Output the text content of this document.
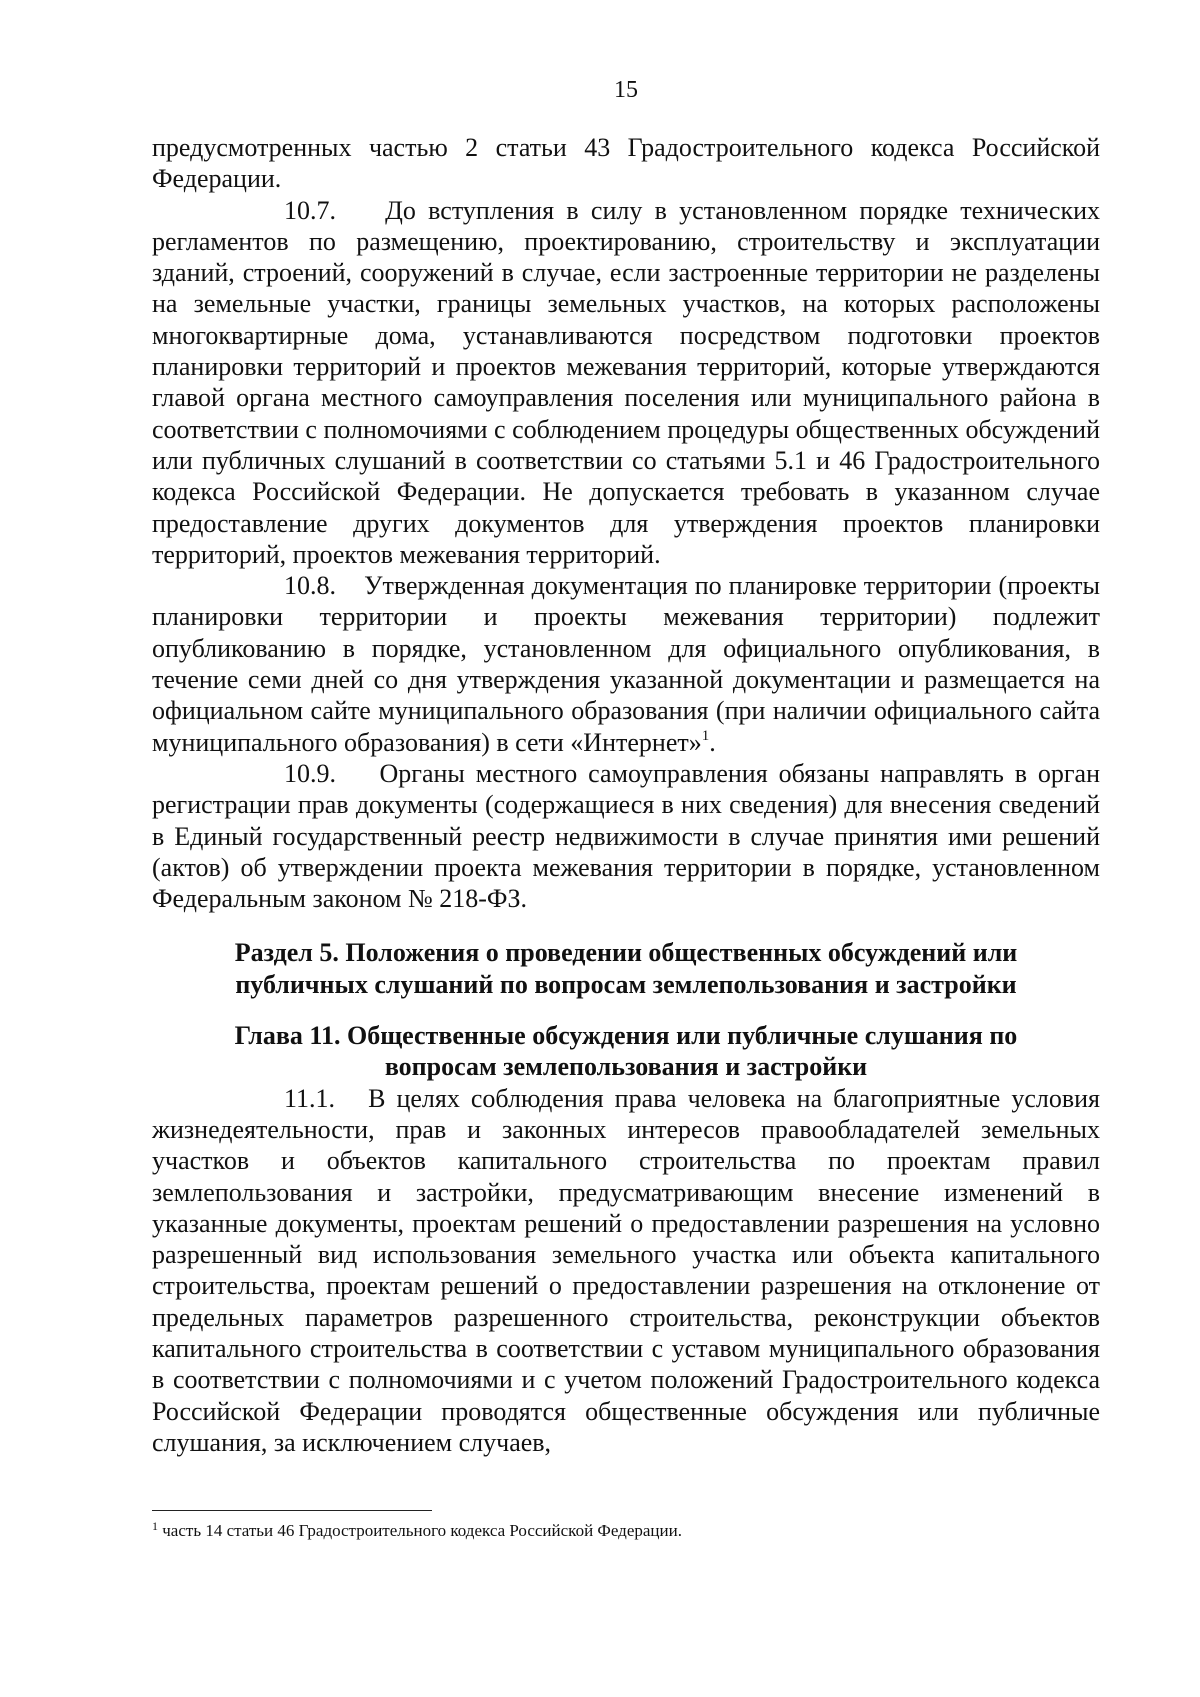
15

предусмотренных частью 2 статьи 43 Градостроительного кодекса Российской Федерации.

10.7. До вступления в силу в установленном порядке технических регламентов по размещению, проектированию, строительству и эксплуатации зданий, строений, сооружений в случае, если застроенные территории не разделены на земельные участки, границы земельных участков, на которых расположены многоквартирные дома, устанавливаются посредством подготовки проектов планировки территорий и проектов межевания территорий, которые утверждаются главой органа местного самоуправления поселения или муниципального района в соответствии с полномочиями с соблюдением процедуры общественных обсуждений или публичных слушаний в соответствии со статьями 5.1 и 46 Градостроительного кодекса Российской Федерации. Не допускается требовать в указанном случае предоставление других документов для утверждения проектов планировки территорий, проектов межевания территорий.

10.8. Утвержденная документация по планировке территории (проекты планировки территории и проекты межевания территории) подлежит опубликованию в порядке, установленном для официального опубликования, в течение семи дней со дня утверждения указанной документации и размещается на официальном сайте муниципального образования (при наличии официального сайта муниципального образования) в сети «Интернет»$^1$.

10.9. Органы местного самоуправления обязаны направлять в орган регистрации прав документы (содержащиеся в них сведения) для внесения сведений в Единый государственный реестр недвижимости в случае принятия ими решений (актов) об утверждении проекта межевания территории в порядке, установленном Федеральным законом № 218-ФЗ.

Раздел 5. Положения о проведении общественных обсуждений или
публичных слушаний по вопросам землепользования и застройки
Глава 11. Общественные обсуждения или публичные слушания по
вопросам землепользования и застройки

11.1. В целях соблюдения права человека на благоприятные условия жизнедеятельности, прав и законных интересов правообладателей земельных участков и объектов капитального строительства по проектам правил землепользования и застройки, предусматривающим внесение изменений в указанные документы, проектам решений о предоставлении разрешения на условно разрешенный вид использования земельного участка или объекта капитального строительства, проектам решений о предоставлении разрешения на отклонение от предельных параметров разрешенного строительства, реконструкции объектов капитального строительства в соответствии с уставом муниципального образования в соответствии с полномочиями и с учетом положений Градостроительного кодекса Российской Федерации проводятся общественные обсуждения или публичные слушания, за исключением случаев,

$^1$ часть 14 статьи 46 Градостроительного кодекса Российской Федерации.
